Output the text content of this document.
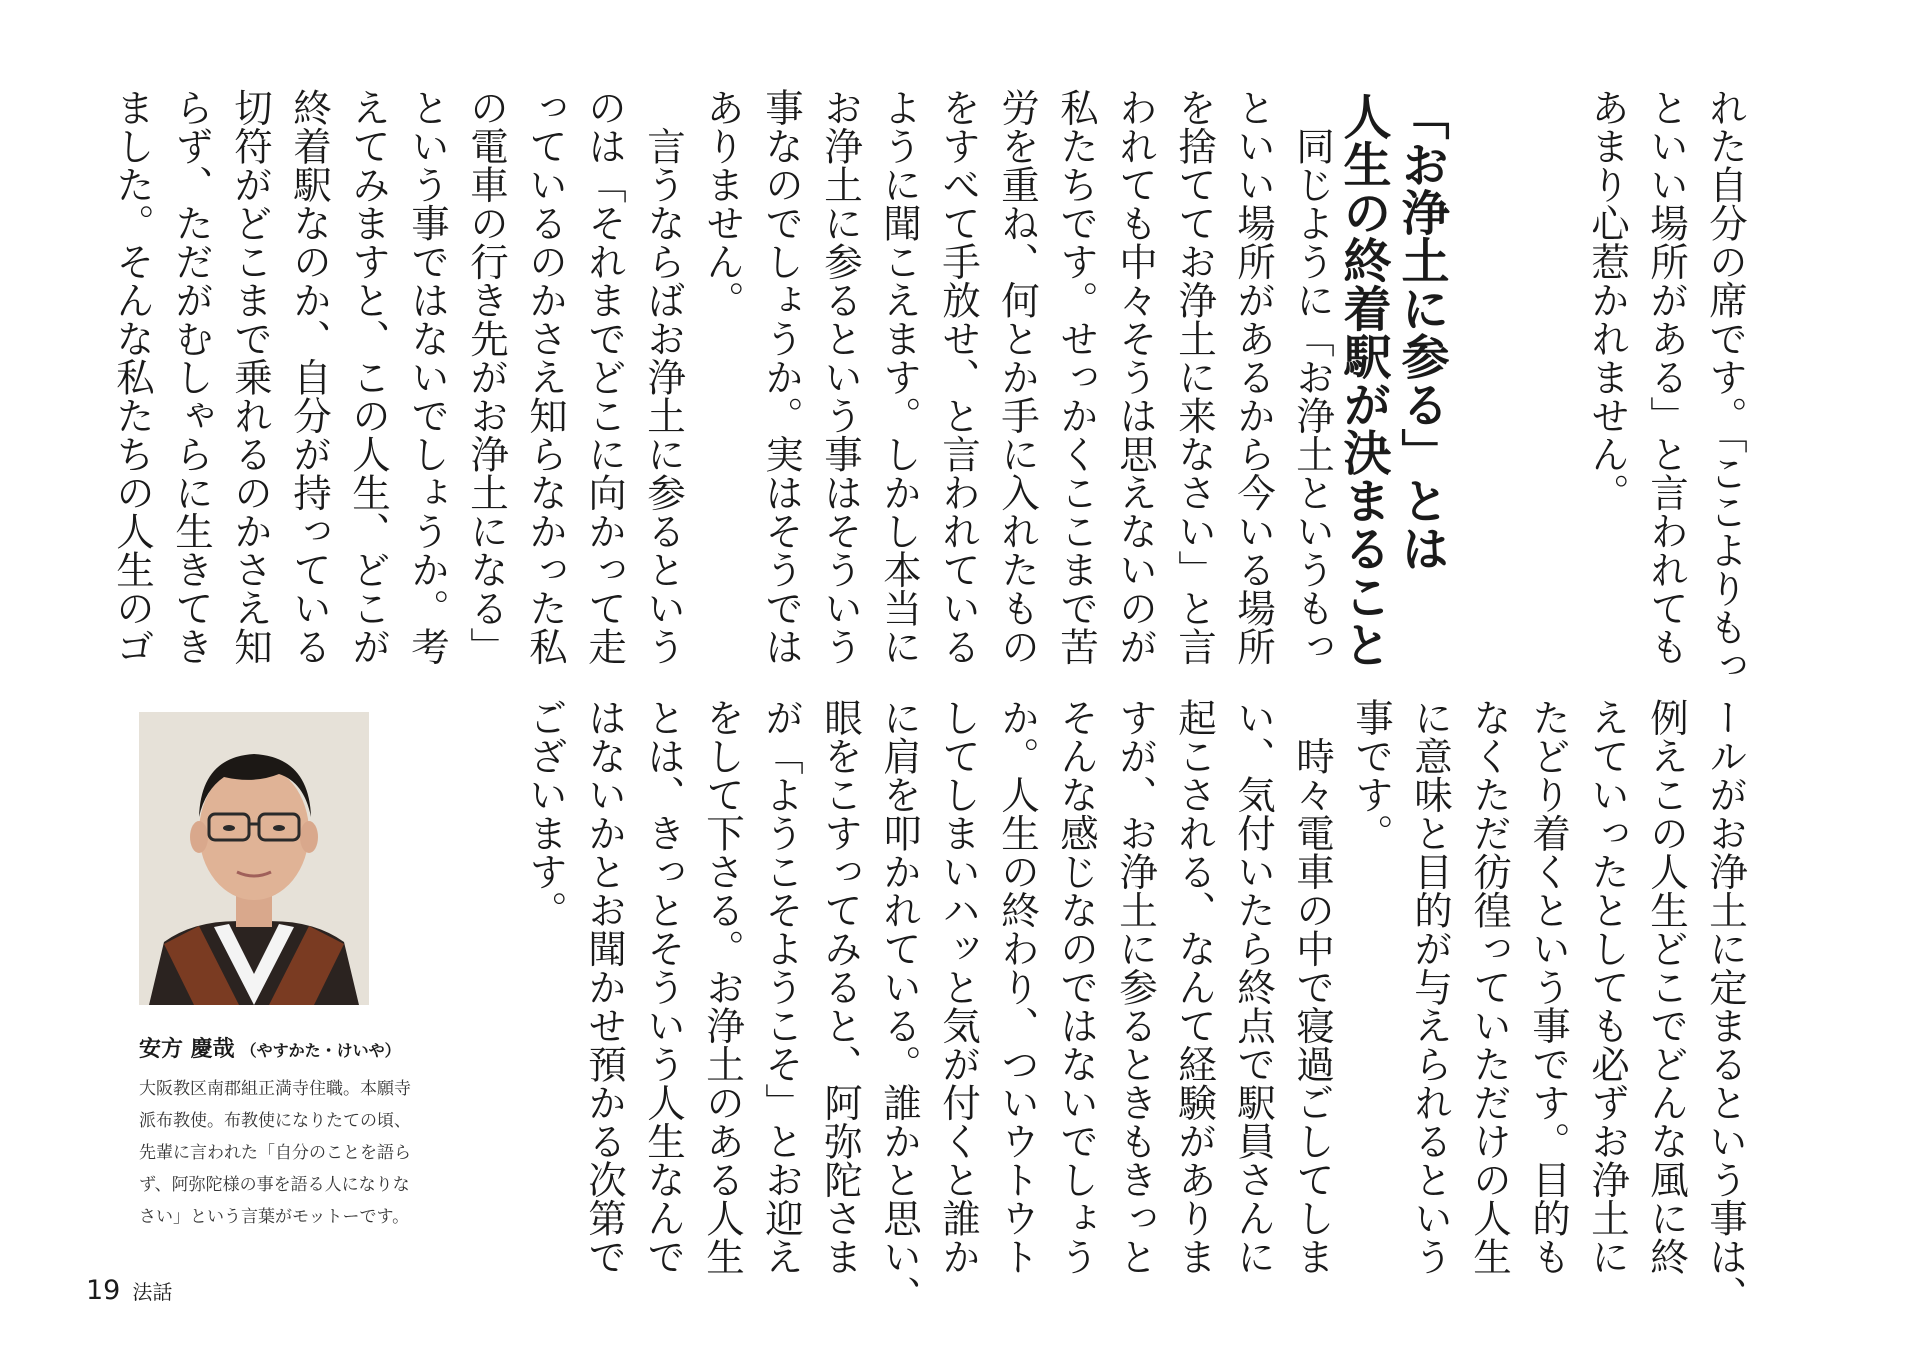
れた自分の席です。「ここよりもっ
といい場所がある」と言われても
あまり心惹かれません。

　同じように「お浄土というもっ
といい場所があるから今いる場所
を捨ててお浄土に来なさい」と言
われても中々そうは思えないのが
私たちです。せっかくここまで苦
労を重ね、何とか手に入れたもの
をすべて手放せ、と言われている
ように聞こえます。しかし本当に
お浄土に参るという事はそういう
事なのでしょうか。実はそうでは
ありません。
　言うならばお浄土に参るという
のは「それまでどこに向かって走
っているのかさえ知らなかった私
の電車の行き先がお浄土になる」
という事ではないでしょうか。考
えてみますと、この人生、どこが
終着駅なのか、自分が持っている
切符がどこまで乗れるのかさえ知
らず、ただがむしゃらに生きてき
ました。そんな私たちの人生のゴ	「お浄土に参る」とは
人生の終着駅が決まること
ールがお浄土に定まるという事は、
例えこの人生どこでどんな風に終
えていったとしても必ずお浄土に
たどり着くという事です。目的も
なくただ彷徨っていただけの人生
に意味と目的が与えられるという
事です。
　時々電車の中で寝過ごしてしま
い、気付いたら終点で駅員さんに
起こされる、なんて経験がありま
すが、お浄土に参るときもきっと
そんな感じなのではないでしょう
か。人生の終わり、ついウトウト
してしまいハッと気が付くと誰か
に肩を叩かれている。誰かと思い、
眼をこすってみると、阿弥陀さま
が「ようこそようこそ」とお迎え
をして下さる。お浄土のある人生
とは、きっとそういう人生なんで
はないかとお聞かせ預かる次第で
ございます。
安方 慶哉 （やすかた・けいや）
大阪教区南郡組正満寺住職。本願寺
派布教使。布教使になりたての頃、
先輩に言われた「自分のことを語ら
ず、阿弥陀様の事を語る人になりな
さい」という言葉がモットーです。
19 法話
